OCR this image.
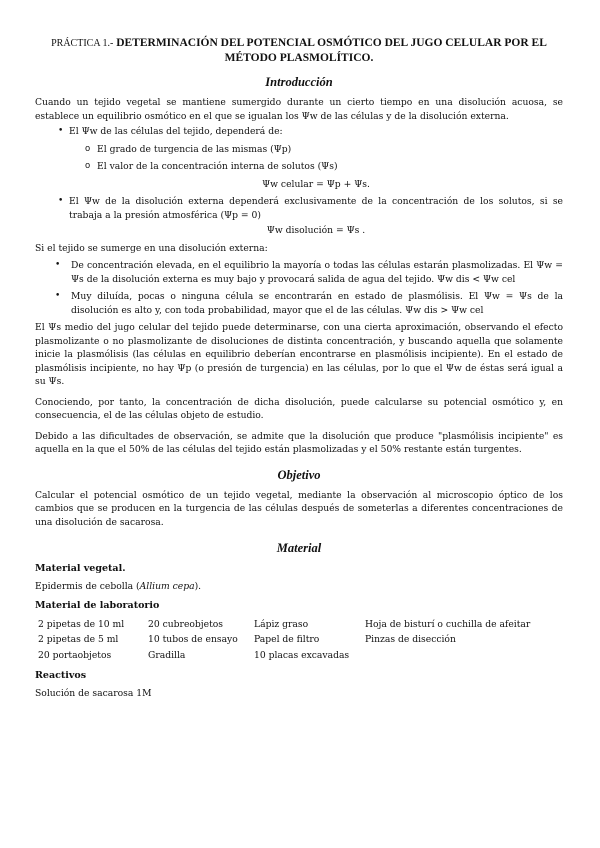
PRÁCTICA 1.- DETERMINACIÓN DEL POTENCIAL OSMÓTICO DEL JUGO CELULAR POR EL MÉTODO PLASMOLÍTICO.
Introducción

Cuando un tejido vegetal se mantiene sumergido durante un cierto tiempo en una disolución acuosa, se establece un equilibrio osmótico en el que se igualan los Ψw de las células y de la disolución externa.

• El Ψw de las células del tejido, dependerá de:
o El grado de turgencia de las mismas (Ψp)
o El valor de la concentración interna de solutos (Ψs)
Ψw celular = Ψp + Ψs.
• El Ψw de la disolución externa dependerá exclusivamente de la concentración de los solutos, si se trabaja a la presión atmosférica (Ψp = 0)
Ψw disolución = Ψs .

Si el tejido se sumerge en una disolución externa:

• De concentración elevada, en el equilibrio la mayoría o todas las células estarán plasmolizadas. El Ψw = Ψs de la disolución externa es muy bajo y provocará salida de agua del tejido. Ψw dis < Ψw cel
• Muy diluída, pocas o ninguna célula se encontrarán en estado de plasmólisis. El Ψw = Ψs de la disolución es alto y, con toda probabilidad, mayor que el de las células. Ψw dis > Ψw cel

El Ψs medio del jugo celular del tejido puede determinarse, con una cierta aproximación, observando el efecto plasmolizante o no plasmolizante de disoluciones de distinta concentración, y buscando aquella que solamente inicie la plasmólisis (las células en equilibrio deberían encontrarse en plasmólisis incipiente). En el estado de plasmólisis incipiente, no hay Ψp (o presión de turgencia) en las células, por lo que el Ψw de éstas será igual a su Ψs.

Conociendo, por tanto, la concentración de dicha disolución, puede calcularse su potencial osmótico y, en consecuencia, el de las células objeto de estudio.

Debido a las dificultades de observación, se admite que la disolución que produce "plasmólisis incipiente" es aquella en la que el 50% de las células del tejido están plasmolizadas y el 50% restante están turgentes.

Objetivo

Calcular el potencial osmótico de un tejido vegetal, mediante la observación al microscopio óptico de los cambios que se producen en la turgencia de las células después de someterlas a diferentes concentraciones de una disolución de sacarosa.

Material
Material vegetal.

Epidermis de cebolla (Allium cepa).

Material de laboratorio
2 pipetas de 10 ml	20 cubreobjetos	Lápiz graso	Hoja de bisturí o cuchilla de afeitar
2 pipetas de 5 ml	10 tubos de ensayo	Papel de filtro	Pinzas de disección
20 portaobjetos	Gradilla	10 placas excavadas	
Reactivos

Solución de sacarosa 1M
